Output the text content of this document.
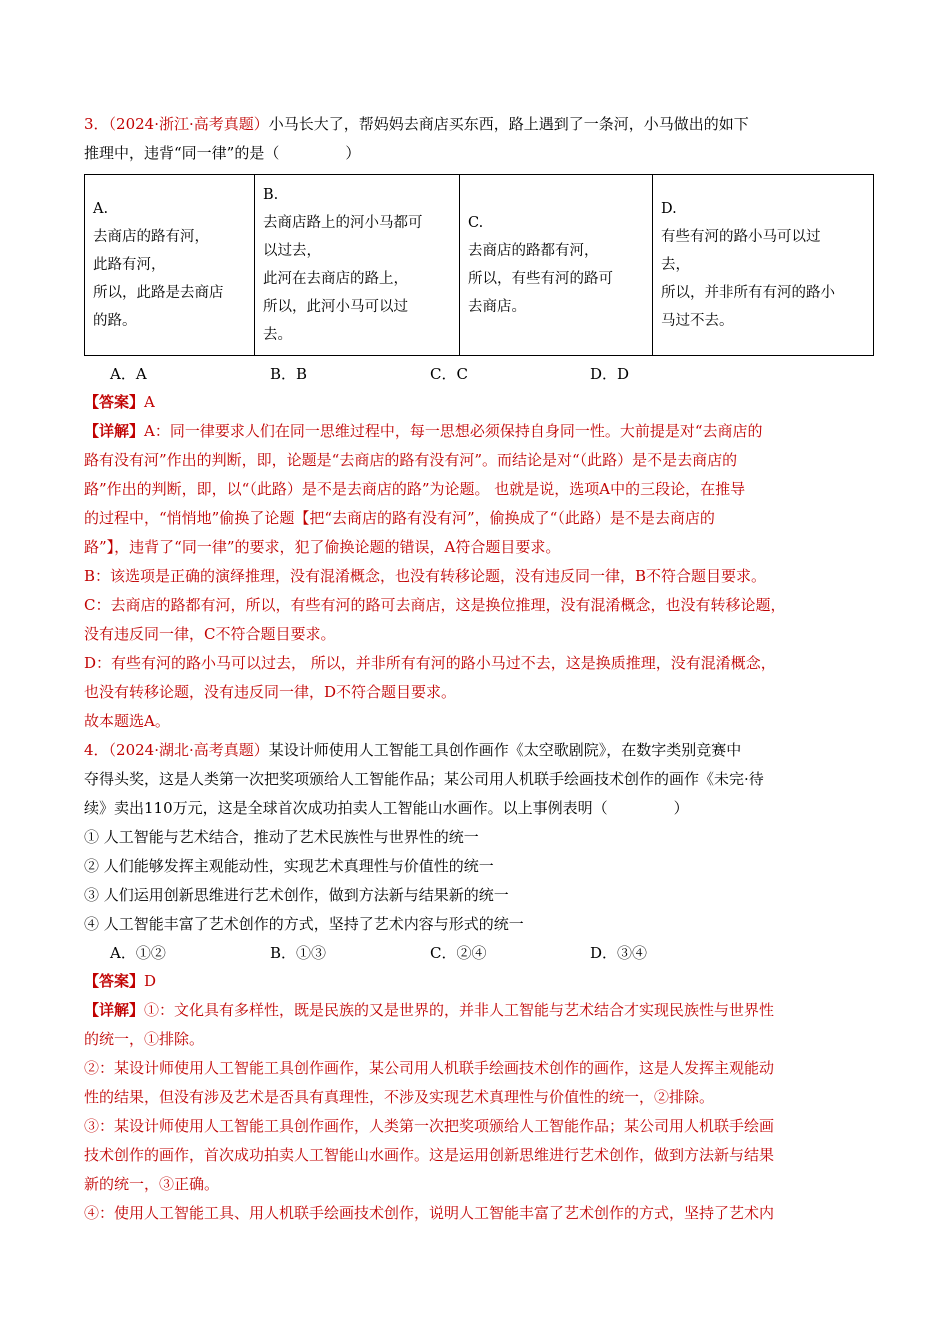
3．（2024·浙江·高考真题）小马长大了，帮妈妈去商店买东西，路上遇到了一条河，小马做出的如下
推理中，违背“同一律”的是（	）
A.
去商店的路有河，
此路有河，
所以，此路是去商店
的路。

B.
去商店路上的河小马都可
以过去，
此河在去商店的路上，
所以，此河小马可以过
去。

C.
去商店的路都有河，
所以，有些有河的路可
去商店。

D.
有些有河的路小马可以过
去，
所以，并非所有有河的路小
马过不去。
A．A	B．B	C．C	D．D
【答案】A
【详解】A：同一律要求人们在同一思维过程中，每一思想必须保持自身同一性。大前提是对“去商店的
路有没有河”作出的判断，即，论题是“去商店的路有没有河”。而结论是对“（此路）是不是去商店的
路”作出的判断，即，以“（此路）是不是去商店的路”为论题。 也就是说，选项A中的三段论，在推导
的过程中，“悄悄地”偷换了论题【把“去商店的路有没有河”，偷换成了“（此路）是不是去商店的
路”】，违背了“同一律”的要求，犯了偷换论题的错误，A符合题目要求。
B：该选项是正确的演绎推理，没有混淆概念，也没有转移论题，没有违反同一律，B不符合题目要求。
C：去商店的路都有河，所以，有些有河的路可去商店，这是换位推理，没有混淆概念，也没有转移论题，
没有违反同一律，C不符合题目要求。
D：有些有河的路小马可以过去， 所以，并非所有有河的路小马过不去，这是换质推理，没有混淆概念，
也没有转移论题，没有违反同一律，D不符合题目要求。
故本题选A。
4．（2024·湖北·高考真题）某设计师使用人工智能工具创作画作《太空歌剧院》，在数字类别竞赛中
夺得头奖，这是人类第一次把奖项颁给人工智能作品；某公司用人机联手绘画技术创作的画作《未完·待
续》卖出110万元，这是全球首次成功拍卖人工智能山水画作。以上事例表明（	）
① 人工智能与艺术结合，推动了艺术民族性与世界性的统一
② 人们能够发挥主观能动性，实现艺术真理性与价值性的统一
③ 人们运用创新思维进行艺术创作，做到方法新与结果新的统一
④ 人工智能丰富了艺术创作的方式，坚持了艺术内容与形式的统一
A．①②	B．①③	C．②④	D．③④
【答案】D
【详解】①：文化具有多样性，既是民族的又是世界的，并非人工智能与艺术结合才实现民族性与世界性
的统一，①排除。
②：某设计师使用人工智能工具创作画作，某公司用人机联手绘画技术创作的画作，这是人发挥主观能动
性的结果，但没有涉及艺术是否具有真理性，不涉及实现艺术真理性与价值性的统一，②排除。
③：某设计师使用人工智能工具创作画作，人类第一次把奖项颁给人工智能作品；某公司用人机联手绘画
技术创作的画作，首次成功拍卖人工智能山水画作。这是运用创新思维进行艺术创作，做到方法新与结果
新的统一，③正确。
④：使用人工智能工具、用人机联手绘画技术创作，说明人工智能丰富了艺术创作的方式，坚持了艺术内
